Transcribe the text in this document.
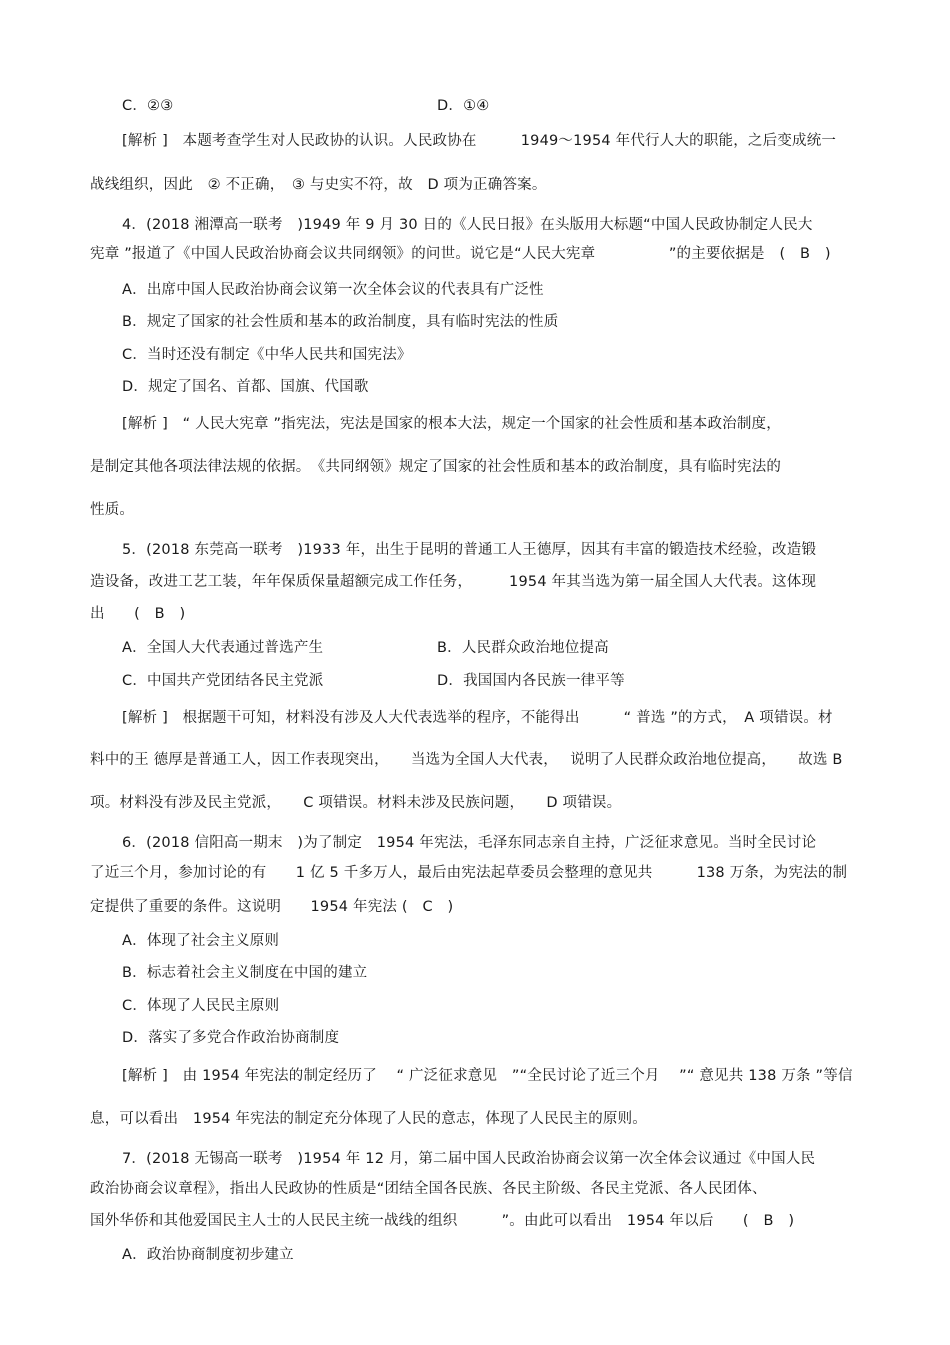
C．②③	D．①④
[解析 ]　本题考查学生对人民政协的认识。人民政协在　　　1949～1954 年代行人大的职能，之后变成统一
战线组织，因此　② 不正确，　③ 与史实不符，故　D 项为正确答案。
4．(2018 湘潭高一联考　)1949 年 9 月 30 日的《人民日报》在头版用大标题“中国人民政协制定人民大
宪章 ”报道了《中国人民政治协商会议共同纲领》的问世。说它是“人民大宪章　　　　　”的主要依据是　(　B　)
A．出席中国人民政治协商会议第一次全体会议的代表具有广泛性
B．规定了国家的社会性质和基本的政治制度，具有临时宪法的性质
C．当时还没有制定《中华人民共和国宪法》
D．规定了国名、首都、国旗、代国歌
[解析 ]　“ 人民大宪章 ”指宪法，宪法是国家的根本大法，规定一个国家的社会性质和基本政治制度，
是制定其他各项法律法规的依据。　《共同纲领》规定了国家的社会性质和基本的政治制度，具有临时宪法的
性质。
5．(2018 东莞高一联考　)1933 年，出生于昆明的普通工人王德厚，因其有丰富的锻造技术经验，改造锻
造设备，改进工艺工装，年年保质保量超额完成工作任务，　　　1954 年其当选为第一届全国人大代表。这体现
出　　(　B　)
A．全国人大代表通过普选产生	B．人民群众政治地位提高
C．中国共产党团结各民主党派	D．我国国内各民族一律平等
[解析 ]　根据题干可知，材料没有涉及人大代表选举的程序，不能得出　　　“ 普选 ”的方式，　A 项错误。材
料中的王 德厚是普通工人，因工作表现突出，　　当选为全国人大代表，　 说明了人民群众政治地位提高，　　故选 B
项。材料没有涉及民主党派，　　C 项错误。材料未涉及民族问题，　　D 项错误。
6．(2018 信阳高一期末　)为了制定　1954 年宪法，毛泽东同志亲自主持，广泛征求意见。当时全民讨论
了近三个月，参加讨论的有　　1 亿 5 千多万人，最后由宪法起草委员会整理的意见共　　　138 万条，为宪法的制
定提供了重要的条件。这说明　　1954 年宪法 (　C　)
A．体现了社会主义原则
B．标志着社会主义制度在中国的建立
C．体现了人民民主原则
D．落实了多党合作政治协商制度
[解析 ]　由 1954 年宪法的制定经历了　 “ 广泛征求意见　”“全民讨论了近三个月　 ”“ 意见共 138 万条 ”等信
息，可以看出　1954 年宪法的制定充分体现了人民的意志，体现了人民民主的原则。
7．(2018 无锡高一联考　)1954 年 12 月，第二届中国人民政治协商会议第一次全体会议通过《中国人民
政治协商会议章程》，指出人民政协的性质是“团结全国各民族、各民主阶级、各民主党派、各人民团体、
国外华侨和其他爱国民主人士的人民民主统一战线的组织　　　”。由此可以看出　1954 年以后　　(　B　)
A．政治协商制度初步建立
